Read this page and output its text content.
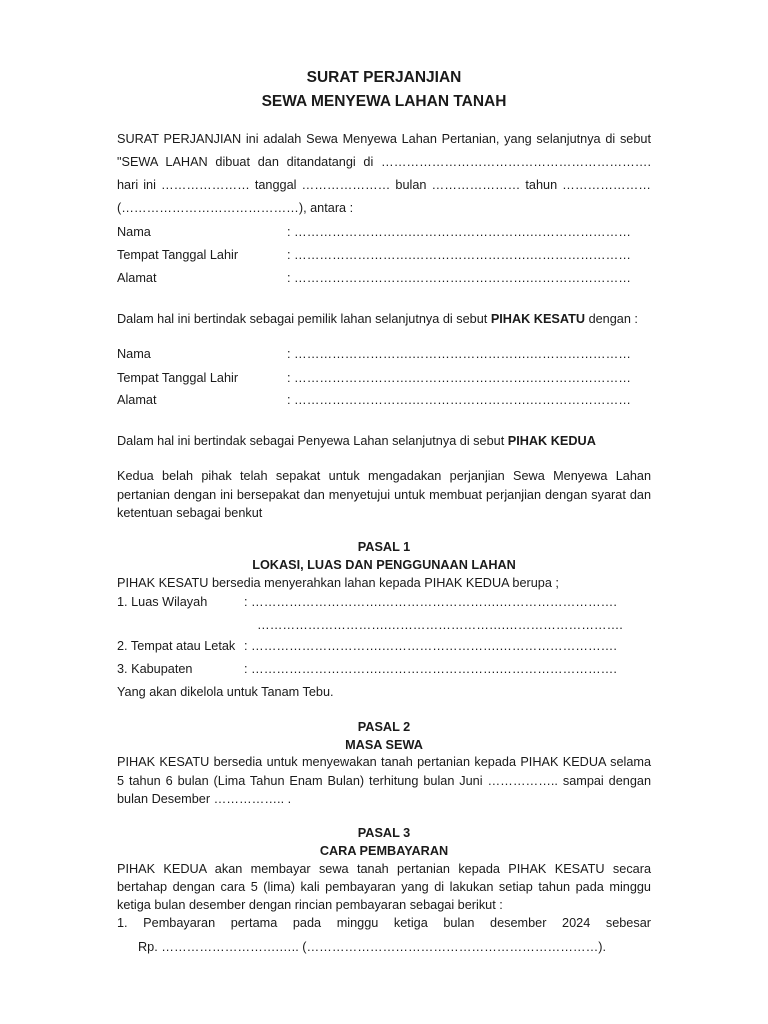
SURAT PERJANJIAN
SEWA MENYEWA LAHAN TANAH
SURAT PERJANJIAN ini adalah Sewa Menyewa Lahan Pertanian, yang selanjutnya di sebut
"SEWA LAHAN dibuat dan ditandatangi di ……………………………………………………….
hari ini ………………… tanggal ………………… bulan ………………… tahun …………………
(……………………………………), antara :
Nama	: ……………………….……………………….……………………
Tempat Tanggal Lahir	: ……………………….……………………….……………………
Alamat	: ……………………….……………………….……………………
Dalam hal ini bertindak sebagai pemilik lahan selanjutnya di sebut PIHAK KESATU dengan :
Nama	: ……………………….……………………….……………………
Tempat Tanggal Lahir	: ……………………….……………………….……………………
Alamat	: ……………………….……………………….……………………
Dalam hal ini bertindak sebagai Penyewa Lahan selanjutnya di sebut PIHAK KEDUA
Kedua belah pihak telah sepakat untuk mengadakan perjanjian Sewa Menyewa Lahan
pertanian dengan ini bersepakat dan menyetujui untuk membuat perjanjian dengan syarat dan
ketentuan sebagai benkut
PASAL 1
LOKASI, LUAS DAN PENGGUNAAN LAHAN
PIHAK KESATU bersedia menyerahkan lahan kepada PIHAK KEDUA berupa ;
1. Luas Wilayah	: ………………………….……………………….……………………….
………………………….……………………….……………………….
2. Tempat atau Letak : ………………………….……………………….……………………….
3. Kabupaten	: ………………………….……………………….……………………….
Yang akan dikelola untuk Tanam Tebu.
PASAL 2
MASA SEWA
PIHAK KESATU bersedia untuk menyewakan tanah pertanian kepada PIHAK KEDUA selama
5 tahun 6 bulan (Lima Tahun Enam Bulan) terhitung bulan Juni …………….. sampai dengan
bulan Desember …………….. .
PASAL 3
CARA PEMBAYARAN
PIHAK KEDUA akan membayar sewa tanah pertanian kepada PIHAK KESATU secara
bertahap dengan cara 5 (lima) kali pembayaran yang di lakukan setiap tahun pada minggu
ketiga bulan desember dengan rincian pembayaran sebagai berikut :
1. Pembayaran pertama pada minggu ketiga bulan desember 2024 sebesar
Rp. ……………………….….. (……………………………………………………………).
